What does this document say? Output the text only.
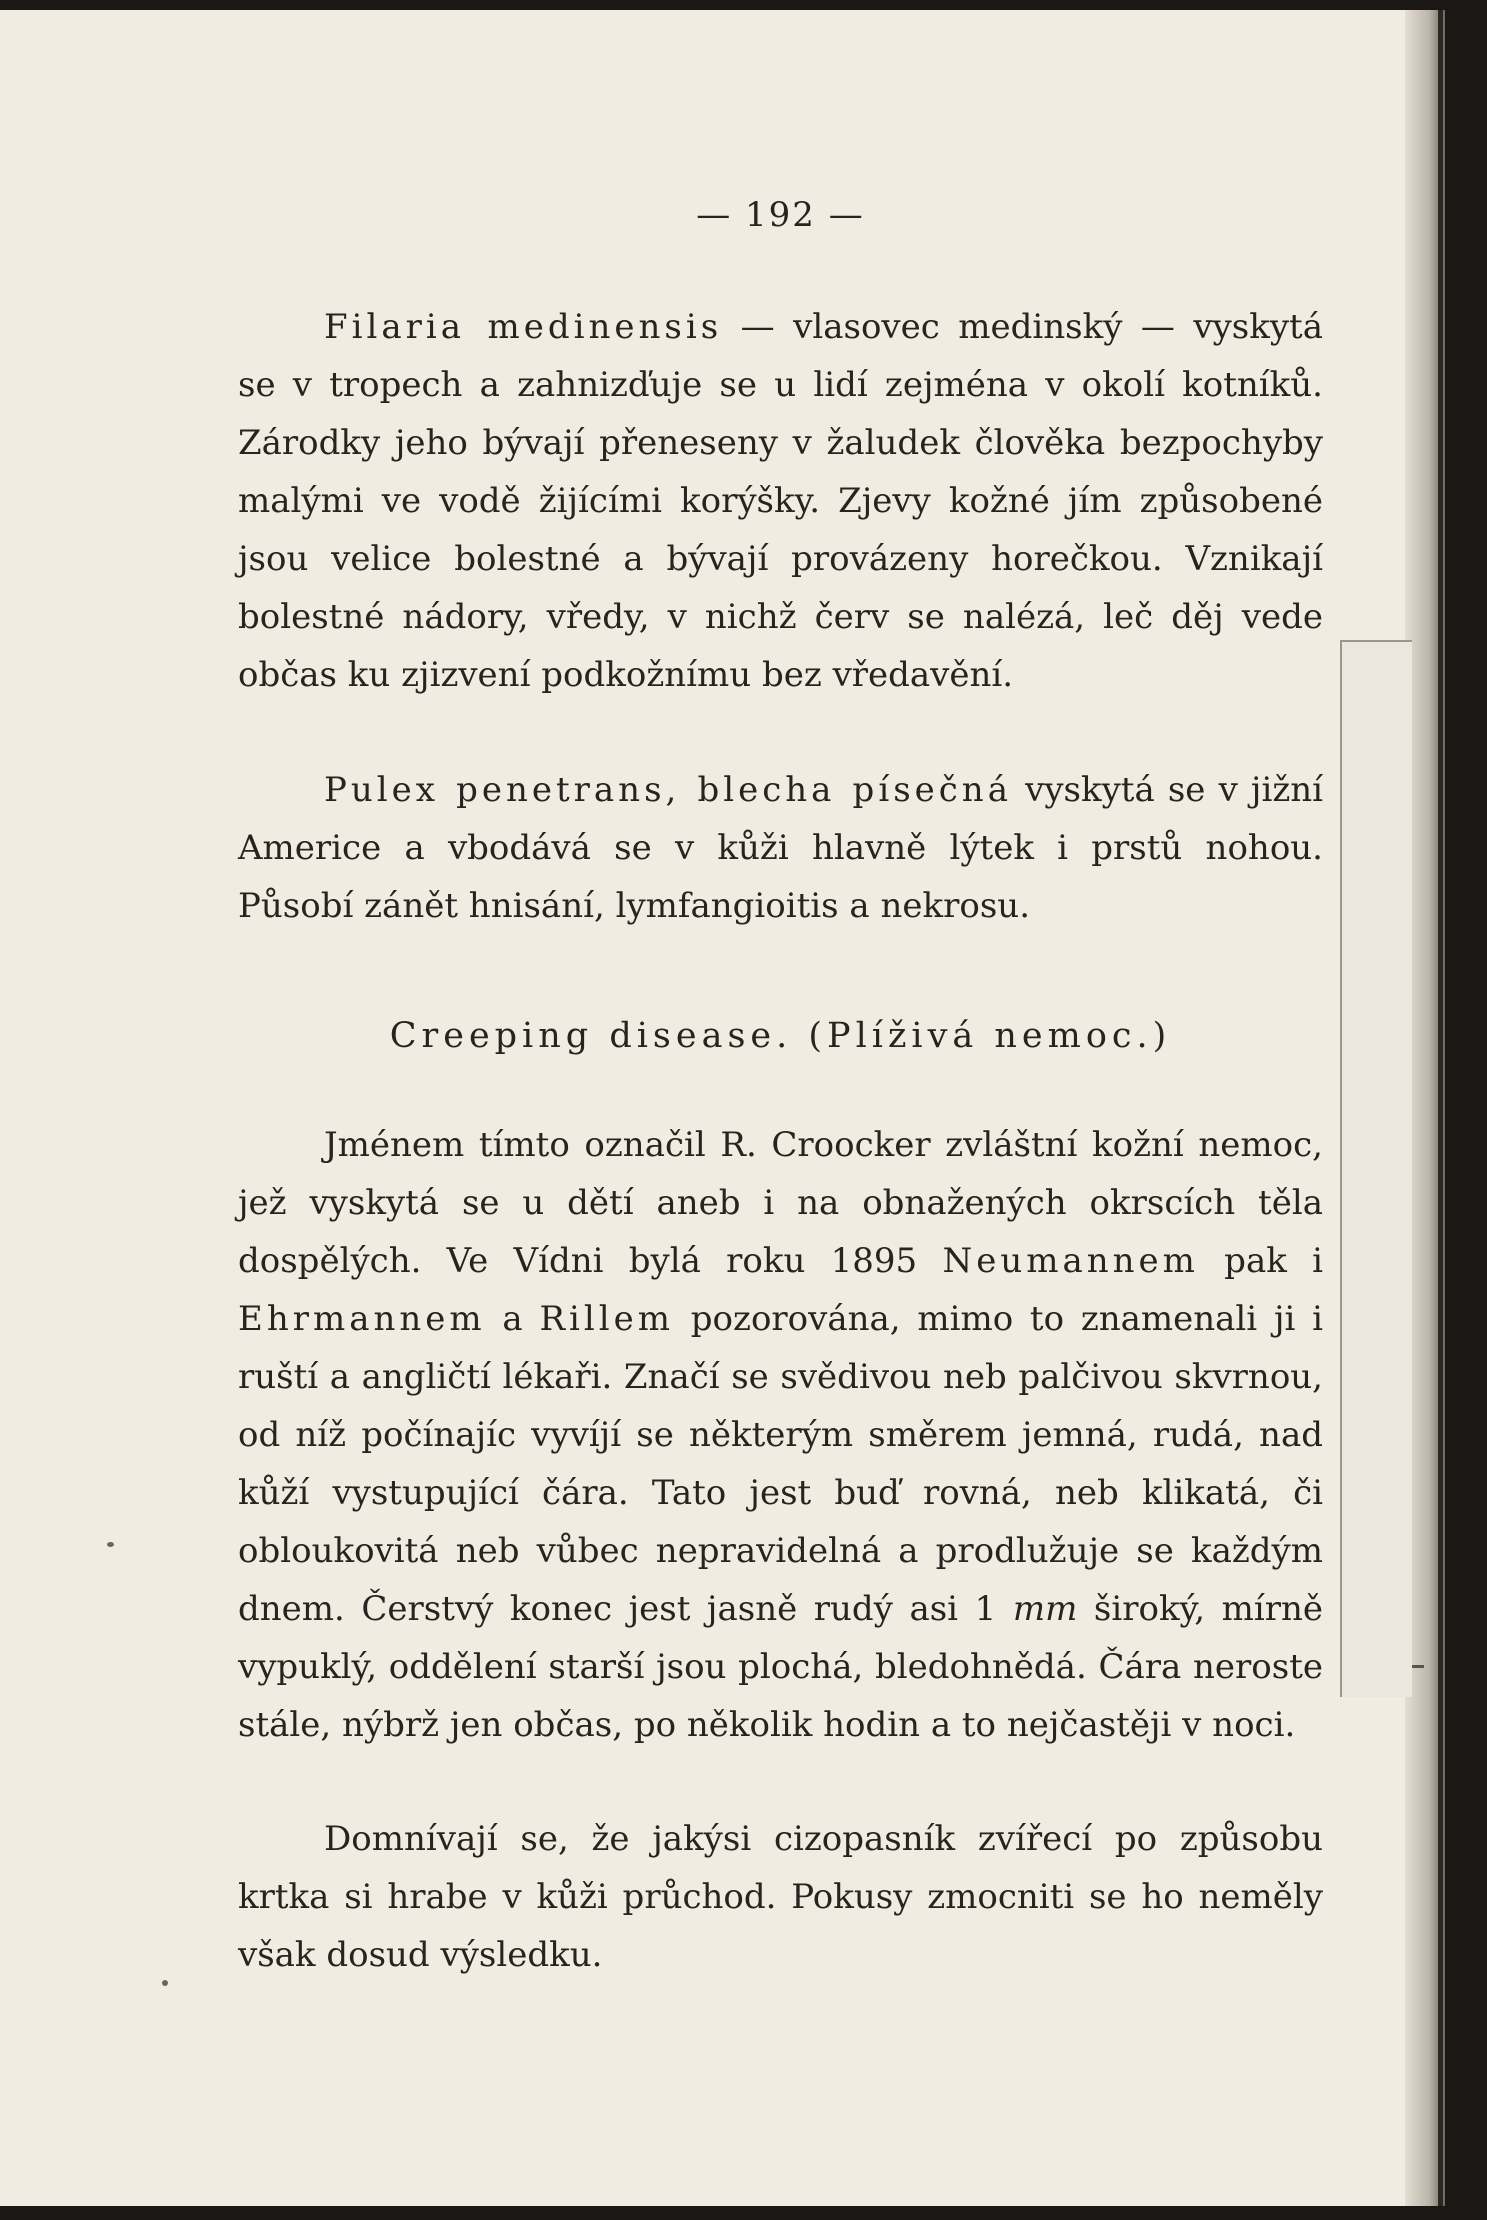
— 192 —

Filaria medinensis — vlasovec medinský — vyskytá se v tropech a zahnizďuje se u lidí zejména v okolí kotníků. Zárodky jeho bývají přeneseny v žaludek člověka bezpochyby malými ve vodě žijícími korýšky. Zjevy kožné jím způsobené jsou velice bolestné a bývají provázeny horečkou. Vznikají bolestné nádory, vředy, v nichž červ se nalézá, leč děj vede občas ku zjizvení podkožnímu bez vředavění.

Pulex penetrans, blecha písečná vyskytá se v jižní Americe a vbodává se v kůži hlavně lýtek i prstů nohou. Působí zánět hnisání, lymfangioitis a nekrosu.

Creeping disease. (Plíživá nemoc.)

Jménem tímto označil R. Croocker zvláštní kožní nemoc, jež vyskytá se u dětí aneb i na obnažených okrscích těla dospělých. Ve Vídni bylá roku 1895 Neumannem pak i Ehrmannem a Rillem pozorována, mimo to znamenali ji i ruští a angličtí lékaři. Značí se svědivou neb palčivou skvrnou, od níž počínajíc vyvíjí se některým směrem jemná, rudá, nad kůží vystupující čára. Tato jest buď rovná, neb klikatá, či obloukovitá neb vůbec nepravidelná a prodlužuje se každým dnem. Čerstvý konec jest jasně rudý asi 1 mm široký, mírně vypuklý, oddělení starší jsou plochá, bledohnědá. Čára neroste stále, nýbrž jen občas, po několik hodin a to nejčastěji v noci.

Domnívají se, že jakýsi cizopasník zvířecí po způsobu krtka si hrabe v kůži průchod. Pokusy zmocniti se ho neměly však dosud výsledku.
